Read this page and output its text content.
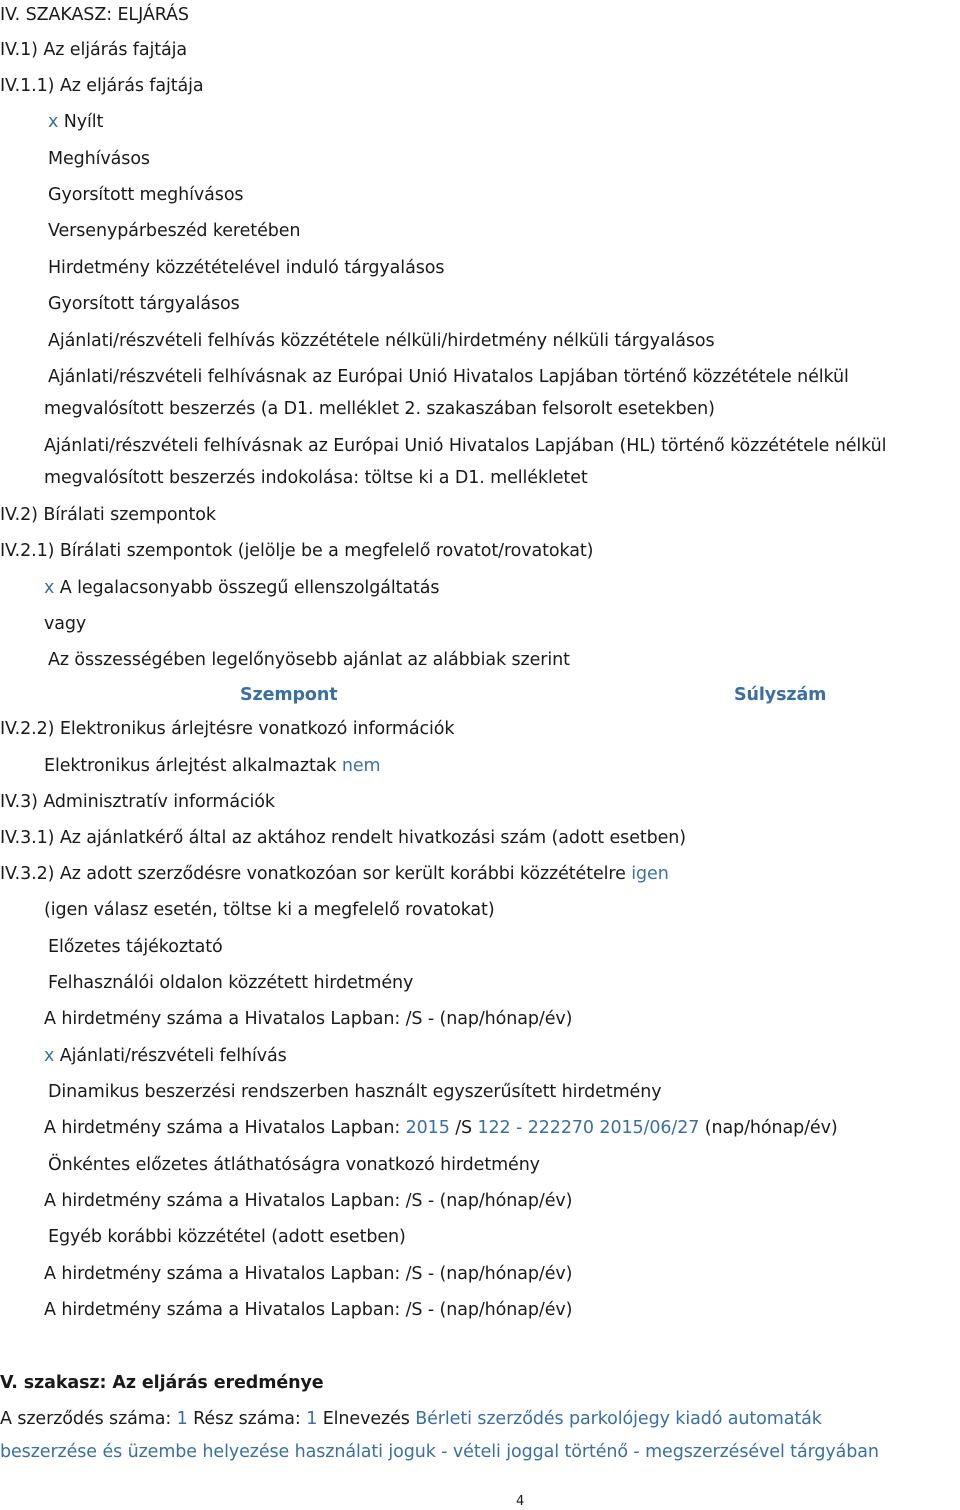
IV. SZAKASZ: ELJÁRÁS
IV.1) Az eljárás fajtája
IV.1.1) Az eljárás fajtája
x Nyílt
Meghívásos
Gyorsított meghívásos
Versenypárbeszéd keretében
Hirdetmény közzétételével induló tárgyalásos
Gyorsított tárgyalásos
Ajánlati/részvételi felhívás közzététele nélküli/hirdetmény nélküli tárgyalásos
Ajánlati/részvételi felhívásnak az Európai Unió Hivatalos Lapjában történő közzététele nélkül
megvalósított beszerzés (a D1. melléklet 2. szakaszában felsorolt esetekben)
Ajánlati/részvételi felhívásnak az Európai Unió Hivatalos Lapjában (HL) történő közzététele nélkül
megvalósított beszerzés indokolása: töltse ki a D1. mellékletet
IV.2) Bírálati szempontok
IV.2.1) Bírálati szempontok (jelölje be a megfelelő rovatot/rovatokat)
x A legalacsonyabb összegű ellenszolgáltatás
vagy
Az összességében legelőnyösebb ajánlat az alábbiak szerint
Szempont	Súlyszám
IV.2.2) Elektronikus árlejtésre vonatkozó információk
Elektronikus árlejtést alkalmaztak nem
IV.3) Adminisztratív információk
IV.3.1) Az ajánlatkérő által az aktához rendelt hivatkozási szám (adott esetben)
IV.3.2) Az adott szerződésre vonatkozóan sor került korábbi közzétételre igen
(igen válasz esetén, töltse ki a megfelelő rovatokat)
Előzetes tájékoztató
Felhasználói oldalon közzétett hirdetmény
A hirdetmény száma a Hivatalos Lapban: /S - (nap/hónap/év)
x Ajánlati/részvételi felhívás
Dinamikus beszerzési rendszerben használt egyszerűsített hirdetmény
A hirdetmény száma a Hivatalos Lapban: 2015 /S 122 - 222270 2015/06/27 (nap/hónap/év)
Önkéntes előzetes átláthatóságra vonatkozó hirdetmény
A hirdetmény száma a Hivatalos Lapban: /S - (nap/hónap/év)
Egyéb korábbi közzététel (adott esetben)
A hirdetmény száma a Hivatalos Lapban: /S - (nap/hónap/év)
A hirdetmény száma a Hivatalos Lapban: /S - (nap/hónap/év)
V. szakasz: Az eljárás eredménye
A szerződés száma: 1 Rész száma: 1 Elnevezés Bérleti szerződés parkolójegy kiadó automaták
beszerzése és üzembe helyezése használati joguk - vételi joggal történő - megszerzésével tárgyában
4
